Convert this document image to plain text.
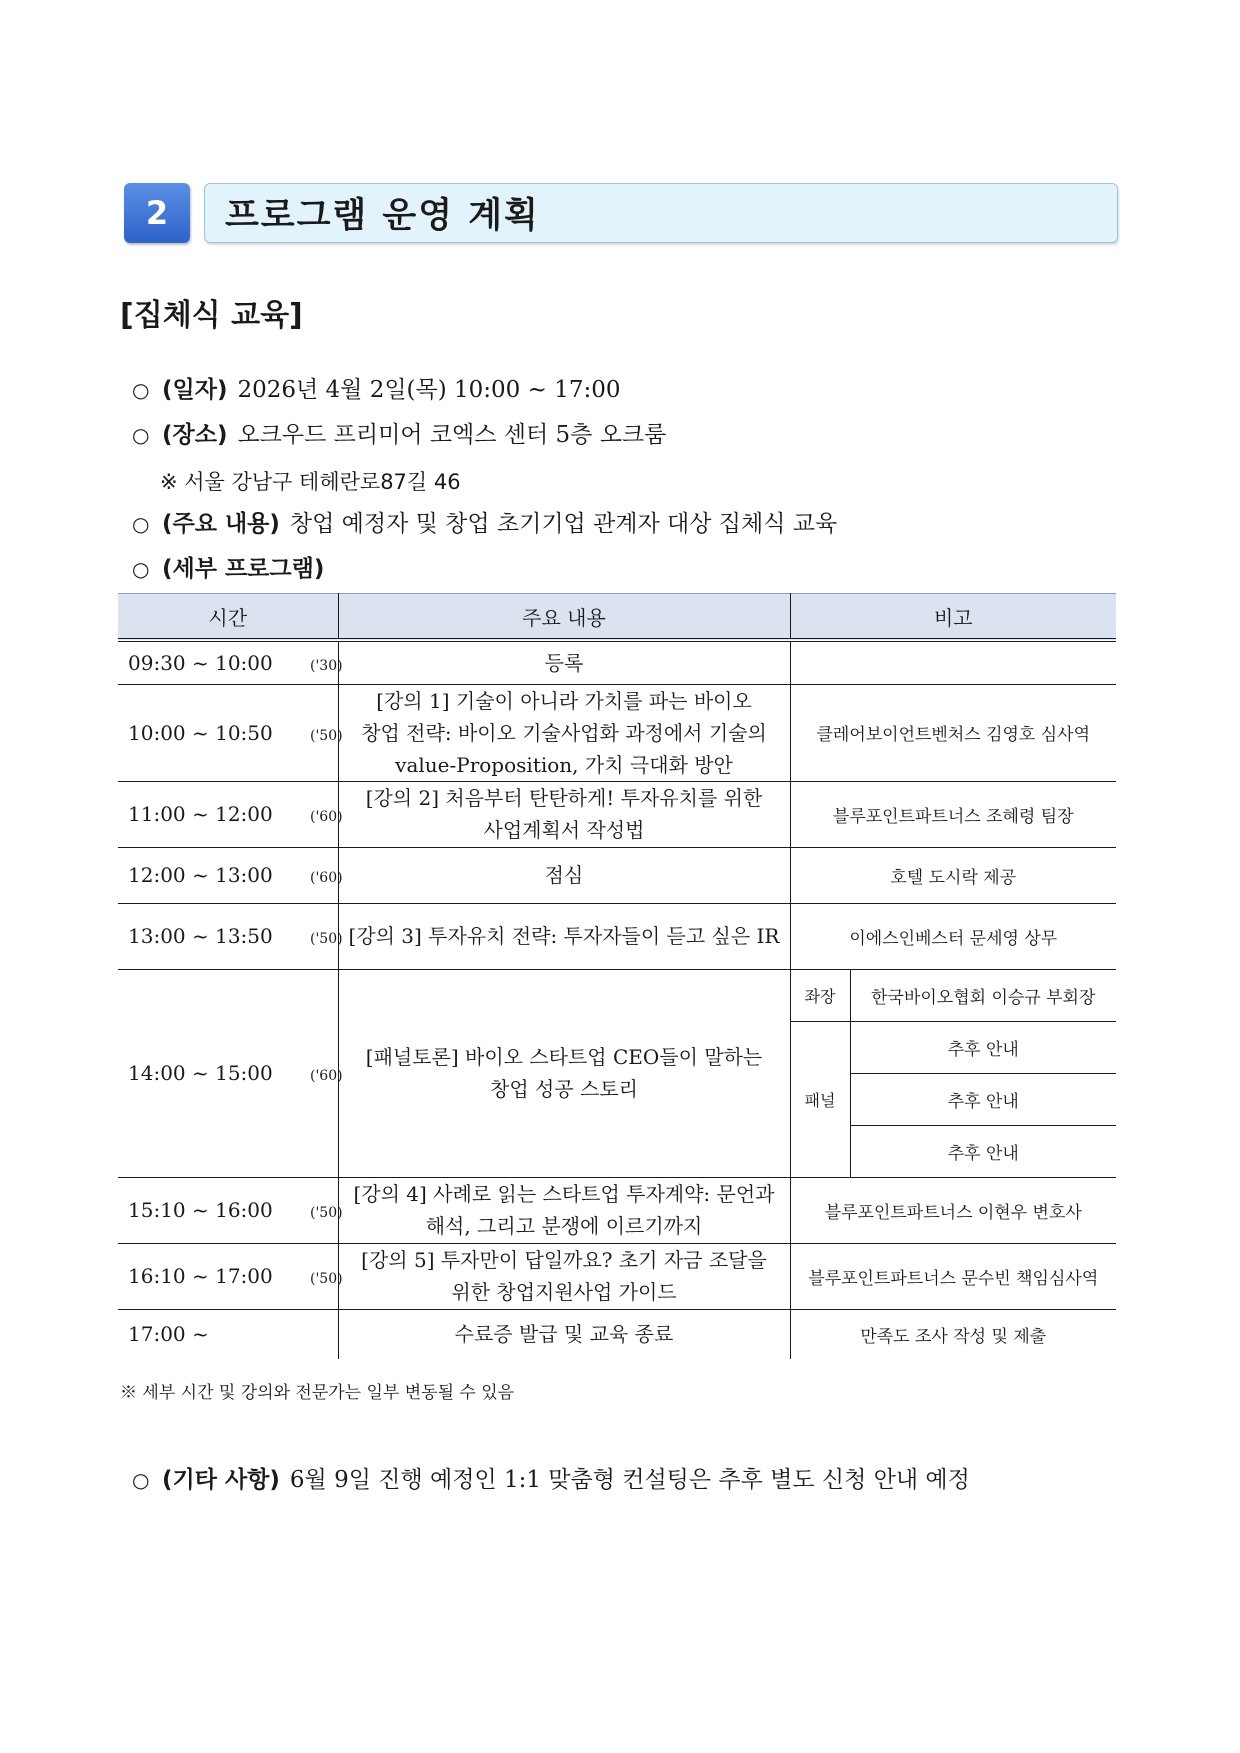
2	프로그램 운영 계획
[집체식 교육]
○ (일자) 2026년 4월 2일(목) 10:00 ~ 17:00
○ (장소) 오크우드 프리미어 코엑스 센터 5층 오크룸
※ 서울 강남구 테헤란로87길 46
○ (주요 내용) 창업 예정자 및 창업 초기기업 관계자 대상 집체식 교육
○ (세부 프로그램)
시간	주요 내용	비고	
09:30 ~ 10:00 ('30)	등록		

10:00 ~ 10:50 ('50)	[강의 1] 기술이 아니라 가치를 파는 바이오
창업 전략: 바이오 기술사업화 과정에서 기술의
value-Proposition, 가치 극대화 방안	클레어보이언트벤처스 김영호 심사역	
11:00 ~ 12:00 ('60)	[강의 2] 처음부터 탄탄하게! 투자유치를 위한
사업계획서 작성법	블루포인트파트너스 조혜령 팀장	
12:00 ~ 13:00 ('60)	점심	호텔 도시락 제공	
13:00 ~ 13:50 ('50)	[강의 3] 투자유치 전략: 투자자들이 듣고 싶은 IR	이에스인베스터 문세영 상무	
14:00 ~ 15:00 ('60)	[패널토론] 바이오 스타트업 CEO들이 말하는
창업 성공 스토리	좌장	한국바이오협회 이승규 부회장
		패널	추후 안내
			추후 안내
			추후 안내
15:10 ~ 16:00 ('50)	[강의 4] 사례로 읽는 스타트업 투자계약: 문언과
해석, 그리고 분쟁에 이르기까지	블루포인트파트너스 이현우 변호사	
16:10 ~ 17:00 ('50)	[강의 5] 투자만이 답일까요? 초기 자금 조달을
위한 창업지원사업 가이드	블루포인트파트너스 문수빈 책임심사역	
17:00 ~	수료증 발급 및 교육 종료	만족도 조사 작성 및 제출	
※ 세부 시간 및 강의와 전문가는 일부 변동될 수 있음
○ (기타 사항) 6월 9일 진행 예정인 1:1 맞춤형 컨설팅은 추후 별도 신청 안내 예정
